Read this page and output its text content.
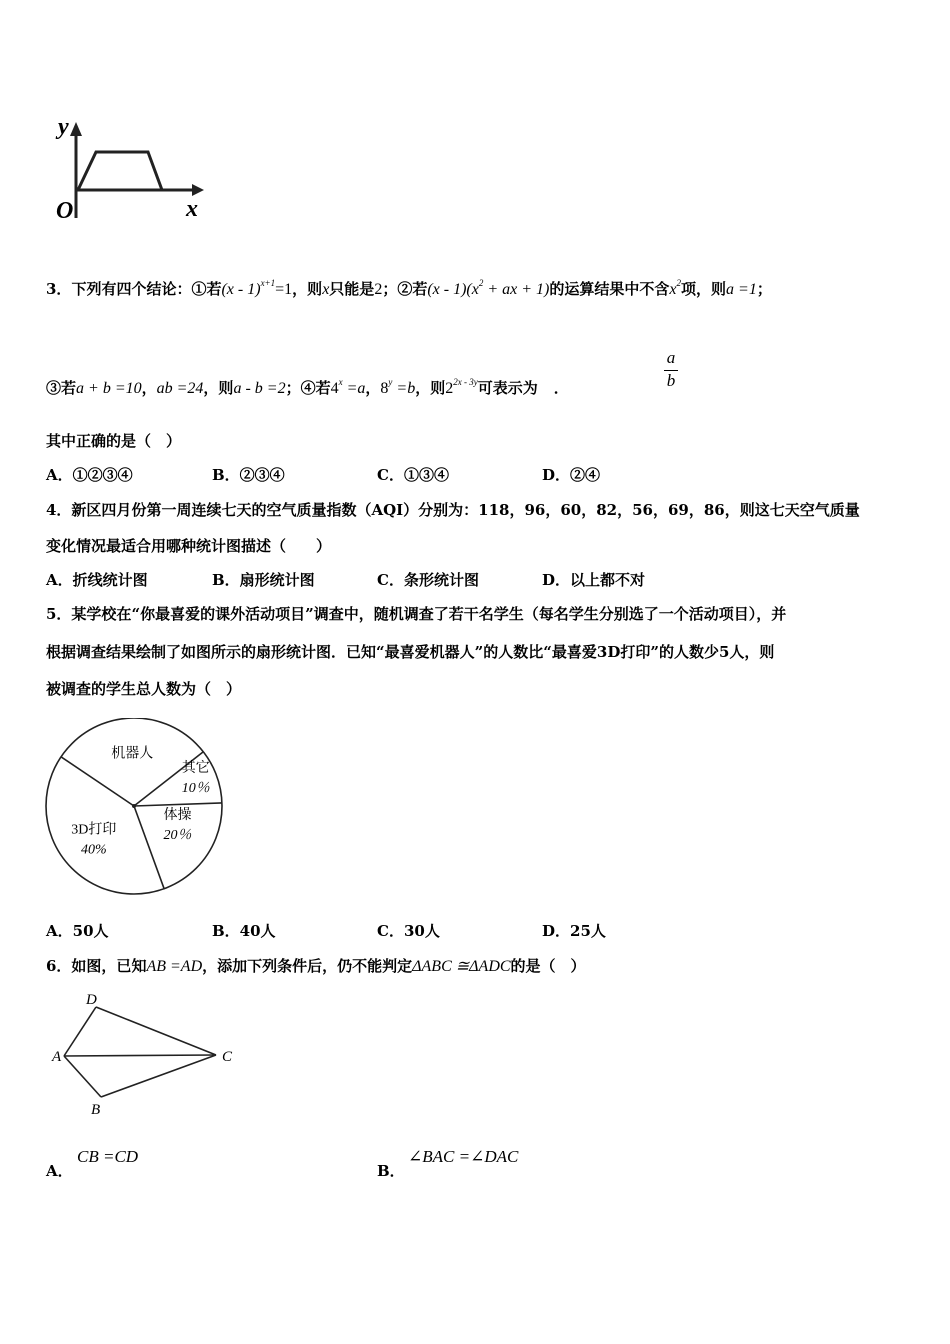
y
x
O
3．下列有四个结论：①若(x - 1)$^{x+1}$=1，则x只能是2；②若$(x - 1)(x^2$ + ax + 1)的运算结果中不含$x^2$项，则a =1；
③若a + b =10，ab =24，则a - b =2；④若$4^x =a$，$8^y =b$，则$2^{2x - 3y}$可表示为 ．
a
b
其中正确的是（　）
A．①②③④	B．②③④	C．①③④	D．②④
4．新区四月份第一周连续七天的空气质量指数（AQI）分别为：118，96，60，82，56，69，86，则这七天空气质量
变化情况最适合用哪种统计图描述（　　）
A．折线统计图	B．扇形统计图	C．条形统计图	D．以上都不对
5．某学校在“你最喜爱的课外活动项目”调查中，随机调查了若干名学生（每名学生分别选了一个活动项目），并
根据调查结果绘制了如图所示的扇形统计图．已知“最喜爱机器人”的人数比“最喜爱3D打印”的人数少5人，则
被调查的学生总人数为（　）
机器人
其它
10％
体操
20％
3D打印
40%
A．50人	B．40人	C．30人	D．25人
6．如图，已知AB =AD，添加下列条件后，仍不能判定ΔABC ≅ΔADC的是（　）
D
A	C
B
A．
CB =CD
B．
∠BAC =∠DAC
